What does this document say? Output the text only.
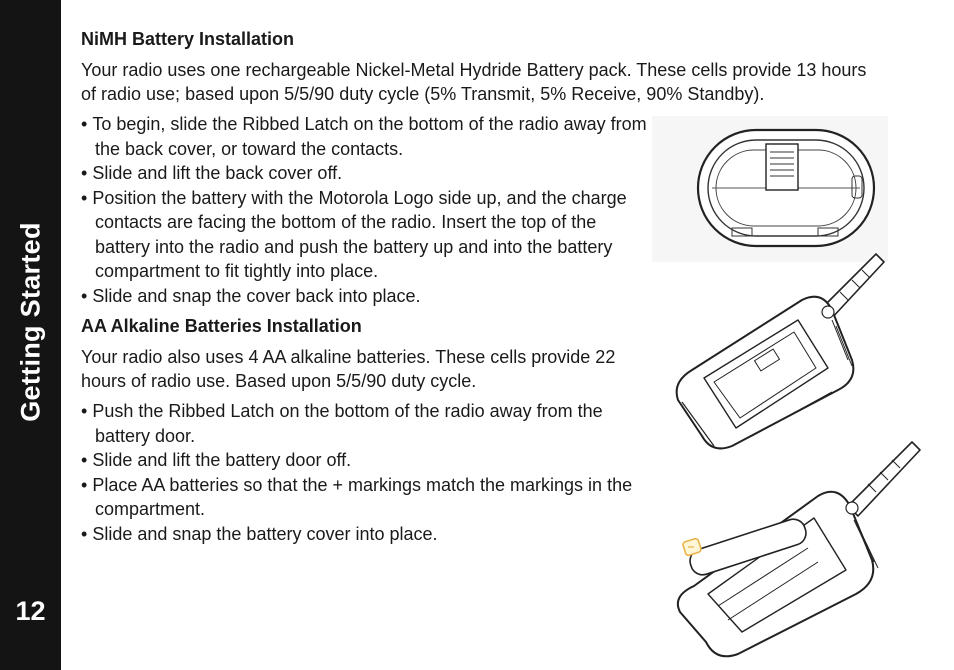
Getting Started
12
NiMH Battery Installation

Your radio uses one rechargeable Nickel-Metal Hydride Battery pack. These cells provide 13 hours of radio use; based upon 5/5/90 duty cycle (5% Transmit, 5% Receive, 90% Standby).

• To begin, slide the Ribbed Latch on the bottom of the radio away from the back cover, or toward the contacts.
• Slide and lift the back cover off.
• Position the battery with the Motorola Logo side up, and the charge contacts are facing the bottom of the radio. Insert the top of the battery into the radio and push the battery up and into the battery compartment to fit tightly into place.
• Slide and snap the cover back into place.
AA Alkaline Batteries Installation

Your radio also uses 4 AA alkaline batteries. These cells provide 22 hours of radio use. Based upon 5/5/90 duty cycle.

• Push the Ribbed Latch on the bottom of the radio away from the battery door.
• Slide and lift the battery door off.
• Place AA batteries so that the + markings match the markings in the compartment.
• Slide and snap the battery cover into place.
